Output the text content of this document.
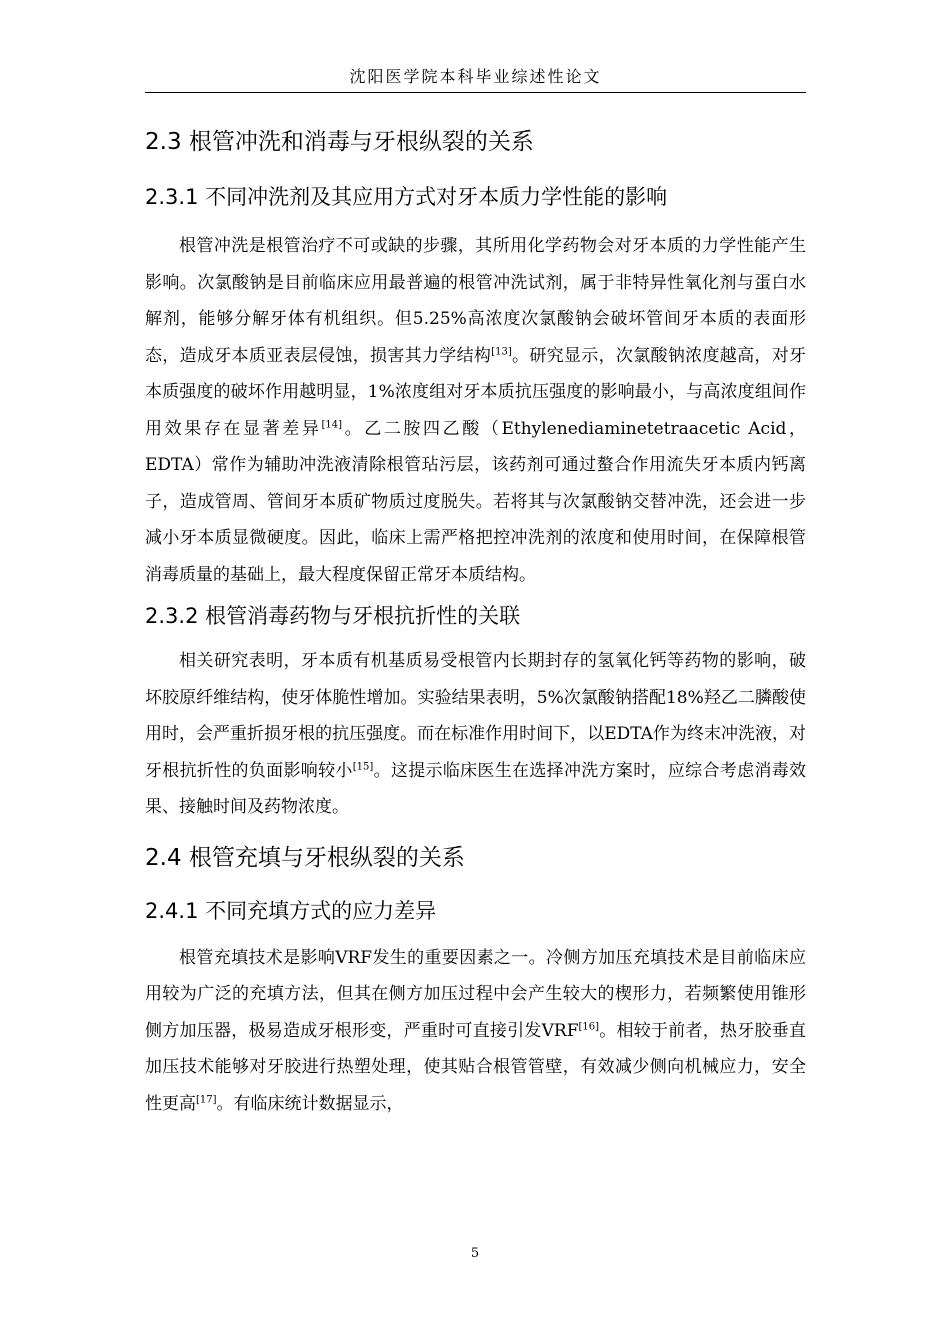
沈阳医学院本科毕业综述性论文
2.3 根管冲洗和消毒与牙根纵裂的关系
2.3.1 不同冲洗剂及其应用方式对牙本质力学性能的影响

根管冲洗是根管治疗不可或缺的步骤，其所用化学药物会对牙本质的力学性能产生影响。次氯酸钠是目前临床应用最普遍的根管冲洗试剂，属于非特异性氧化剂与蛋白水解剂，能够分解牙体有机组织。但5.25%高浓度次氯酸钠会破坏管间牙本质的表面形态，造成牙本质亚表层侵蚀，损害其力学结构[13]。研究显示，次氯酸钠浓度越高，对牙本质强度的破坏作用越明显，1%浓度组对牙本质抗压强度的影响最小，与高浓度组间作用效果存在显著差异[14]。乙二胺四乙酸（Ethylenediaminetetraacetic Acid，EDTA）常作为辅助冲洗液清除根管玷污层，该药剂可通过螯合作用流失牙本质内钙离子，造成管周、管间牙本质矿物质过度脱失。若将其与次氯酸钠交替冲洗，还会进一步减小牙本质显微硬度。因此，临床上需严格把控冲洗剂的浓度和使用时间，在保障根管消毒质量的基础上，最大程度保留正常牙本质结构。

2.3.2 根管消毒药物与牙根抗折性的关联

相关研究表明，牙本质有机基质易受根管内长期封存的氢氧化钙等药物的影响，破坏胶原纤维结构，使牙体脆性增加。实验结果表明，5%次氯酸钠搭配18%羟乙二膦酸使用时，会严重折损牙根的抗压强度。而在标准作用时间下，以EDTA作为终末冲洗液，对牙根抗折性的负面影响较小[15]。这提示临床医生在选择冲洗方案时，应综合考虑消毒效果、接触时间及药物浓度。

2.4 根管充填与牙根纵裂的关系
2.4.1 不同充填方式的应力差异

根管充填技术是影响VRF发生的重要因素之一。冷侧方加压充填技术是目前临床应用较为广泛的充填方法，但其在侧方加压过程中会产生较大的楔形力，若频繁使用锥形侧方加压器，极易造成牙根形变，严重时可直接引发VRF[16]。相较于前者，热牙胶垂直加压技术能够对牙胶进行热塑处理，使其贴合根管管壁，有效减少侧向机械应力，安全性更高[17]。有临床统计数据显示，

5
